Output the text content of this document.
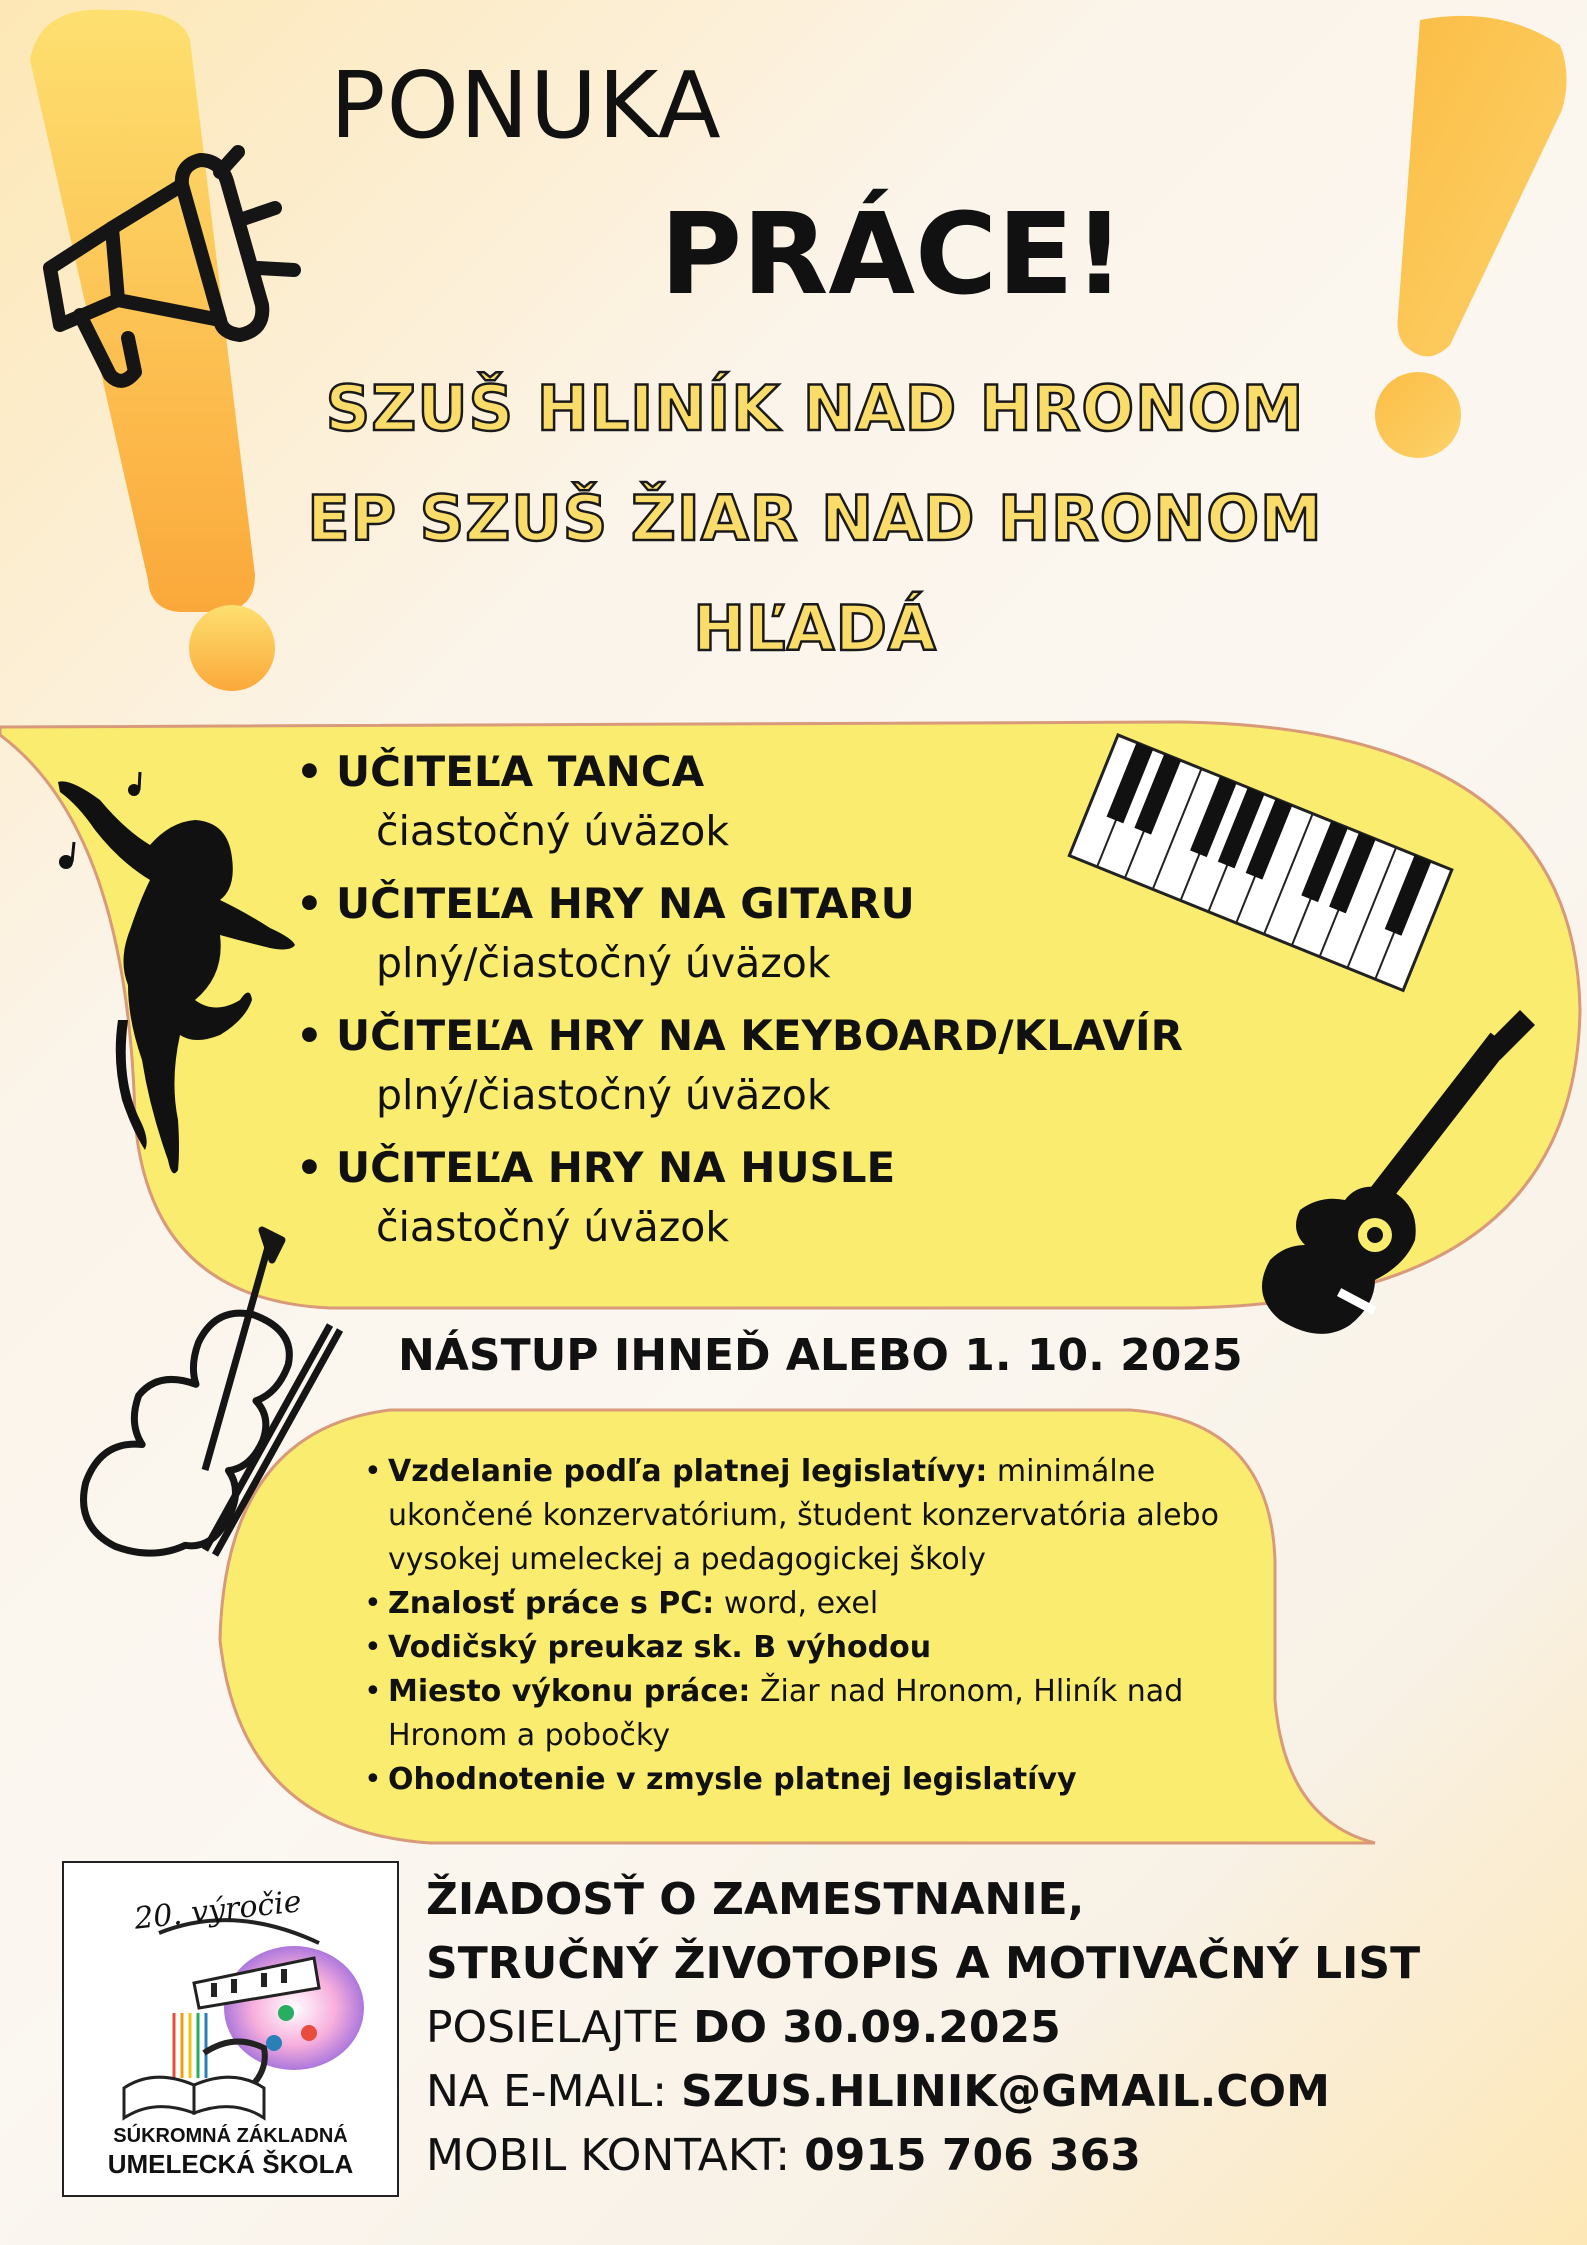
PONUKA
PRÁCE!
SZUŠ HLINÍK NAD HRONOM
EP SZUŠ ŽIAR NAD HRONOM
HĽADÁ
• UČITEĽA TANCA
čiastočný úväzok
• UČITEĽA HRY NA GITARU
plný/čiastočný úväzok
• UČITEĽA HRY NA KEYBOARD/KLAVÍR
plný/čiastočný úväzok
• UČITEĽA HRY NA HUSLE
čiastočný úväzok
NÁSTUP IHNEĎ ALEBO 1. 10. 2025
• Vzdelanie podľa platnej legislatívy: minimálne ukončené konzervatórium, študent konzervatória alebo vysokej umeleckej a pedagogickej školy
• Znalosť práce s PC: word, exel
• Vodičský preukaz sk. B výhodou
• Miesto výkonu práce: Žiar nad Hronom, Hliník nad Hronom a pobočky
• Ohodnotenie v zmysle platnej legislatívy
20. výročie
SÚKROMNÁ ZÁKLADNÁ
UMELECKÁ ŠKOLA
ŽIADOSŤ O ZAMESTNANIE,
STRUČNÝ ŽIVOTOPIS A MOTIVAČNÝ LIST
POSIELAJTE DO 30.09.2025
NA E-MAIL: SZUS.HLINIK@GMAIL.COM
MOBIL KONTAKT: 0915 706 363
